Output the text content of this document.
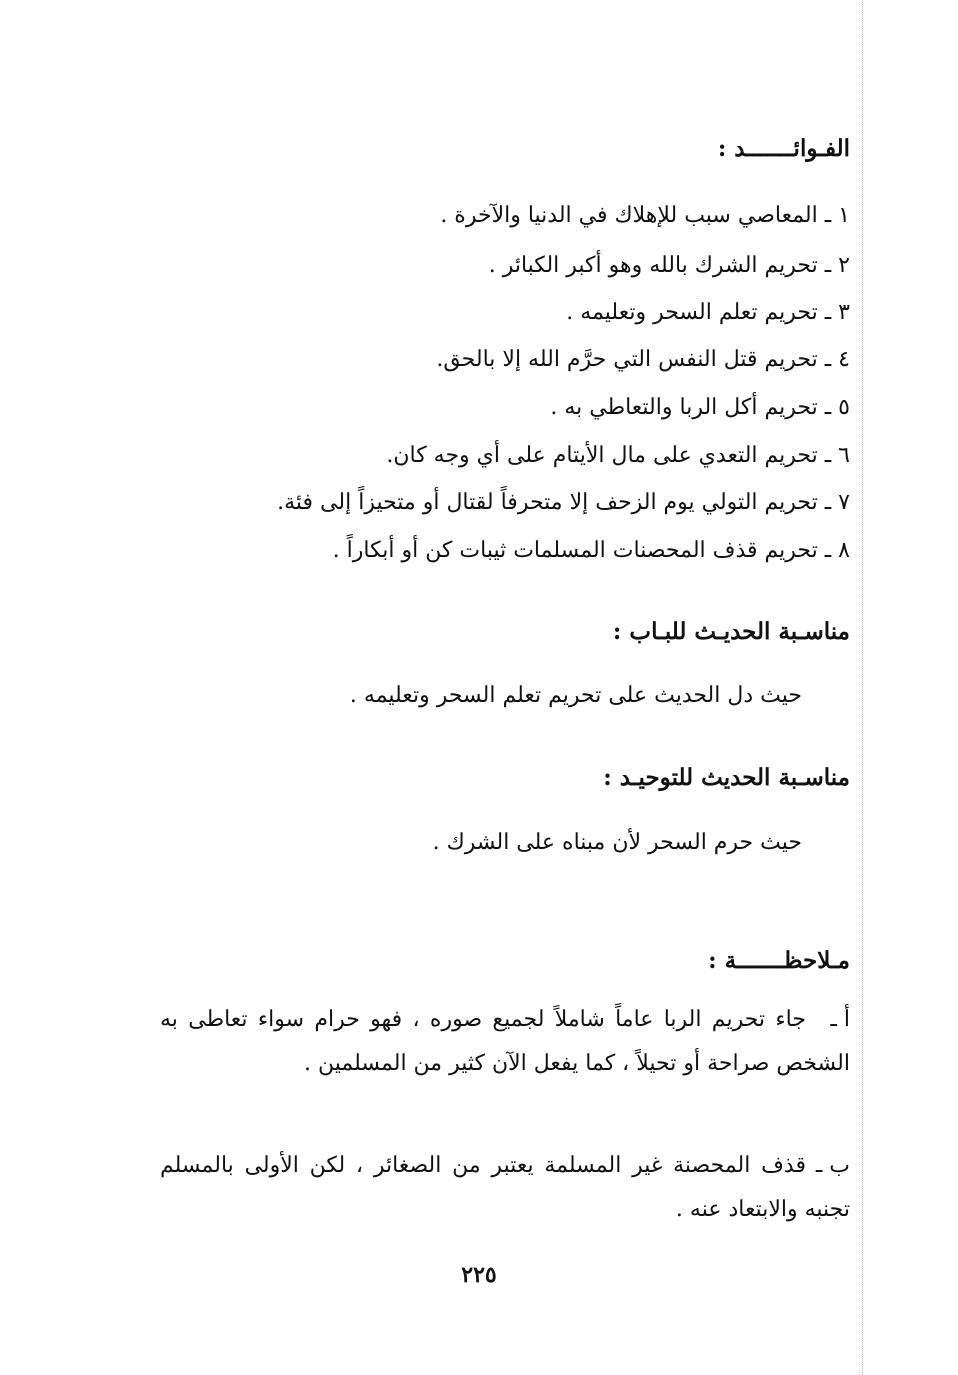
الفـوائـــــــد :
١ ـ المعاصي سبب للإهلاك في الدنيا والآخرة .
٢ ـ تحريم الشرك بالله وهو أكبر الكبائر .
٣ ـ تحريم تعلم السحر وتعليمه .
٤ ـ تحريم قتل النفس التي حرَّم الله إلا بالحق.
٥ ـ تحريم أكل الربا والتعاطي به .
٦ ـ تحريم التعدي على مال الأيتام على أي وجه كان.
٧ ـ تحريم التولي يوم الزحف إلا متحرفاً لقتال أو متحيزاً إلى فئة.
٨ ـ تحريم قذف المحصنات المسلمات ثيبات كن أو أبكاراً .
مناسـبة الحديـث للبـاب :
حيث دل الحديث على تحريم تعلم السحر وتعليمه .
مناسـبة الحديث للتوحيـد :
حيث حرم السحر لأن مبناه على الشرك .
مـلاحظـــــــة :
أ ـجاء تحريم الربا عاماً شاملاً لجميع صوره ، فهو حرام سواء تعاطى به الشخص صراحة أو تحيلاً ، كما يفعل الآن كثير من المسلمين .
ب ـقذف المحصنة غير المسلمة يعتبر من الصغائر ، لكن الأولى بالمسلم تجنبه والابتعاد عنه .
٢٢٥
